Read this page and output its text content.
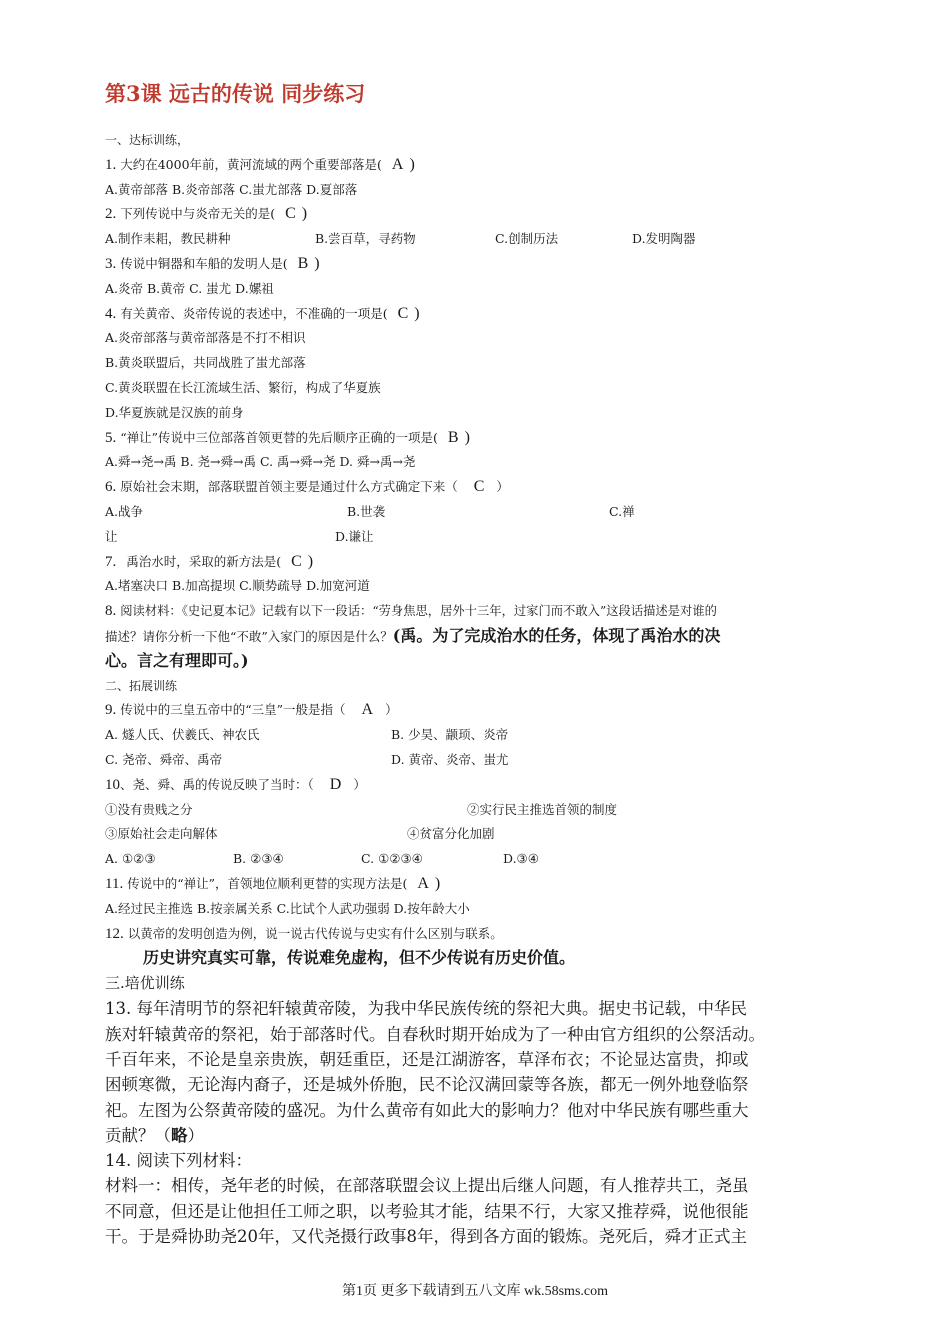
第3课 远古的传说 同步练习
一、达标训练，
1. 大约在4000年前，黄河流域的两个重要部落是( A )
A.黄帝部落 B.炎帝部落 C.蚩尤部落 D.夏部落
2. 下列传说中与炎帝无关的是( C )
A.制作耒耜，教民耕种	B.尝百草，寻药物	C.创制历法	D.发明陶器
3. 传说中铜器和车船的发明人是( B )
A.炎帝 B.黄帝 C. 蚩尤 D.嫘祖
4. 有关黄帝、炎帝传说的表述中，不准确的一项是( C )
A.炎帝部落与黄帝部落是不打不相识
B.黄炎联盟后，共同战胜了蚩尤部落
C.黄炎联盟在长江流域生活、繁衍，构成了华夏族
D.华夏族就是汉族的前身
5. “禅让”传说中三位部落首领更替的先后顺序正确的一项是( B )
A.舜→尧→禹 B. 尧→舜→禹 C. 禹→舜→尧 D. 舜→禹→尧
6. 原始社会末期，部落联盟首领主要是通过什么方式确定下来（ C ）
A.战争	B.世袭	C.禅
让	D.谦让
7. 禹治水时，采取的新方法是( C )
A.堵塞决口 B.加高提坝 C.顺势疏导 D.加宽河道
8. 阅读材料：《史记夏本记》记载有以下一段话：“劳身焦思，居外十三年，过家门而不敢入”这段话描述是对谁的
描述？请你分析一下他“不敢”入家门的原因是什么？(禹。为了完成治水的任务，体现了禹治水的决
心。言之有理即可。)
二、拓展训练
9. 传说中的三皇五帝中的“三皇”一般是指（ A ）
A. 燧人氏、伏羲氏、神农氏	B. 少昊、颛顼、炎帝
C. 尧帝、舜帝、禹帝	D. 黄帝、炎帝、蚩尤
10、尧、舜、禹的传说反映了当时：（ D ）
①没有贵贱之分	②实行民主推选首领的制度
③原始社会走向解体	④贫富分化加剧
A. ①②③	B. ②③④	C. ①②③④	D.③④
11. 传说中的“禅让”，首领地位顺利更替的实现方法是( A )
A.经过民主推选 B.按亲属关系 C.比试个人武功强弱 D.按年龄大小
12. 以黄帝的发明创造为例，说一说古代传说与史实有什么区别与联系。
历史讲究真实可靠，传说难免虚构，但不少传说有历史价值。
三.培优训练
13. 每年清明节的祭祀轩辕黄帝陵，为我中华民族传统的祭祀大典。据史书记载，中华民
族对轩辕黄帝的祭祀，始于部落时代。自春秋时期开始成为了一种由官方组织的公祭活动。
千百年来，不论是皇亲贵族，朝廷重臣，还是江湖游客，草泽布衣；不论显达富贵，抑或
困顿寒微，无论海内裔子，还是城外侨胞，民不论汉满回蒙等各族，都无一例外地登临祭
祀。左图为公祭黄帝陵的盛况。为什么黄帝有如此大的影响力？他对中华民族有哪些重大
贡献？（略）
14. 阅读下列材料：
材料一：相传，尧年老的时候，在部落联盟会议上提出后继人问题，有人推荐共工，尧虽
不同意，但还是让他担任工师之职，以考验其才能，结果不行，大家又推荐舜，说他很能
干。于是舜协助尧20年，又代尧摄行政事8年，得到各方面的锻炼。尧死后，舜才正式主
第1页 更多下载请到五八文库 wk.58sms.com
